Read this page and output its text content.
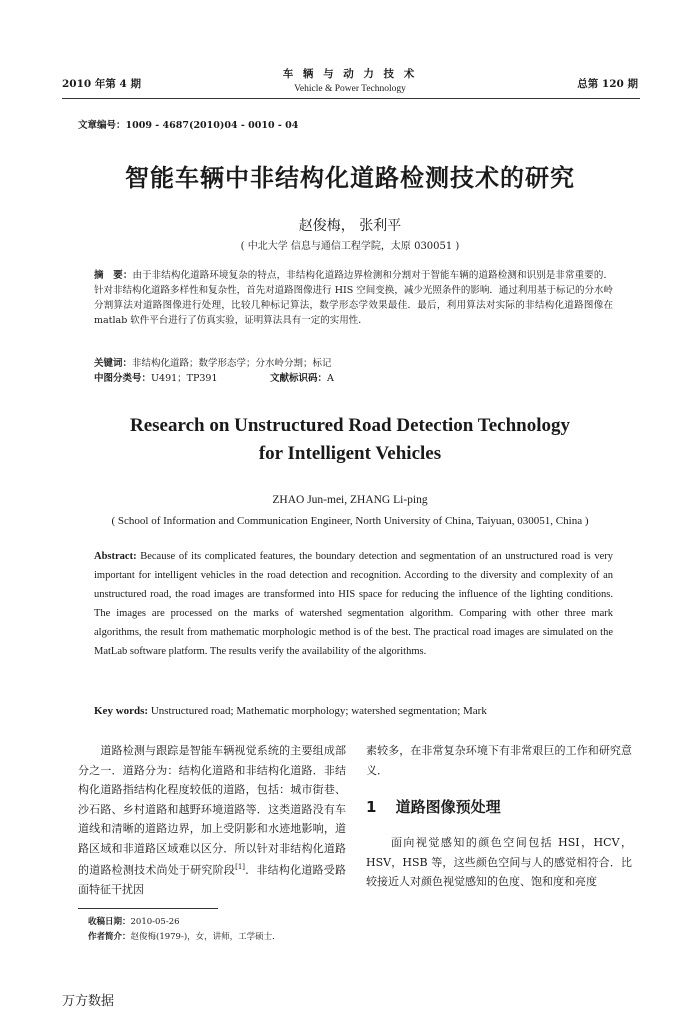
2010 年第 4 期
车 辆 与 动 力 技 术
Vehicle & Power Technology	总第 120 期
文章编号：1009 - 4687(2010)04 - 0010 - 04
智能车辆中非结构化道路检测技术的研究
赵俊梅， 张利平
( 中北大学 信息与通信工程学院，太原 030051 )
摘　要：由于非结构化道路环境复杂的特点，非结构化道路边界检测和分割对于智能车辆的道路检测和识别是非常重要的．针对非结构化道路多样性和复杂性，首先对道路图像进行 HIS 空间变换，减少光照条件的影响．通过利用基于标记的分水岭分割算法对道路图像进行处理，比较几种标记算法，数学形态学效果最佳．最后，利用算法对实际的非结构化道路图像在 matlab 软件平台进行了仿真实验，证明算法具有一定的实用性．
关键词：非结构化道路；数学形态学；分水岭分割；标记
中图分类号：U491；TP391	文献标识码：A
Research on Unstructured Road Detection Technology for Intelligent Vehicles
ZHAO Jun-mei, ZHANG Li-ping
( School of Information and Communication Engineer, North University of China, Taiyuan, 030051, China )
Abstract: Because of its complicated features, the boundary detection and segmentation of an unstructured road is very important for intelligent vehicles in the road detection and recognition. According to the diversity and complexity of an unstructured road, the road images are transformed into HIS space for reducing the influence of the lighting conditions. The images are processed on the marks of watershed segmentation algorithm. Comparing with other three mark algorithms, the result from mathematic morphologic method is of the best. The practical road images are simulated on the MatLab software platform. The results verify the availability of the algorithms.
Key words: Unstructured road; Mathematic morphology; watershed segmentation; Mark
　　道路检测与跟踪是智能车辆视觉系统的主要组成部分之一．道路分为：结构化道路和非结构化道路．非结构化道路指结构化程度较低的道路，包括：城市街巷、沙石路、乡村道路和越野环境道路等．这类道路没有车道线和清晰的道路边界，加上受阴影和水迹地影响，道路区域和非道路区域难以区分．所以针对非结构化道路的道路检测技术尚处于研究阶段[1]．非结构化道路受路面特征干扰因
素较多，在非常复杂环境下有非常艰巨的工作和研究意义．
1 道路图像预处理
　　面向视觉感知的颜色空间包括 HSI，HCV，HSV，HSB 等，这些颜色空间与人的感觉相符合．比较接近人对颜色视觉感知的色度、饱和度和亮度
收稿日期：2010-05-26
作者简介：赵俊梅(1979-)，女，讲师，工学硕士．
万方数据
